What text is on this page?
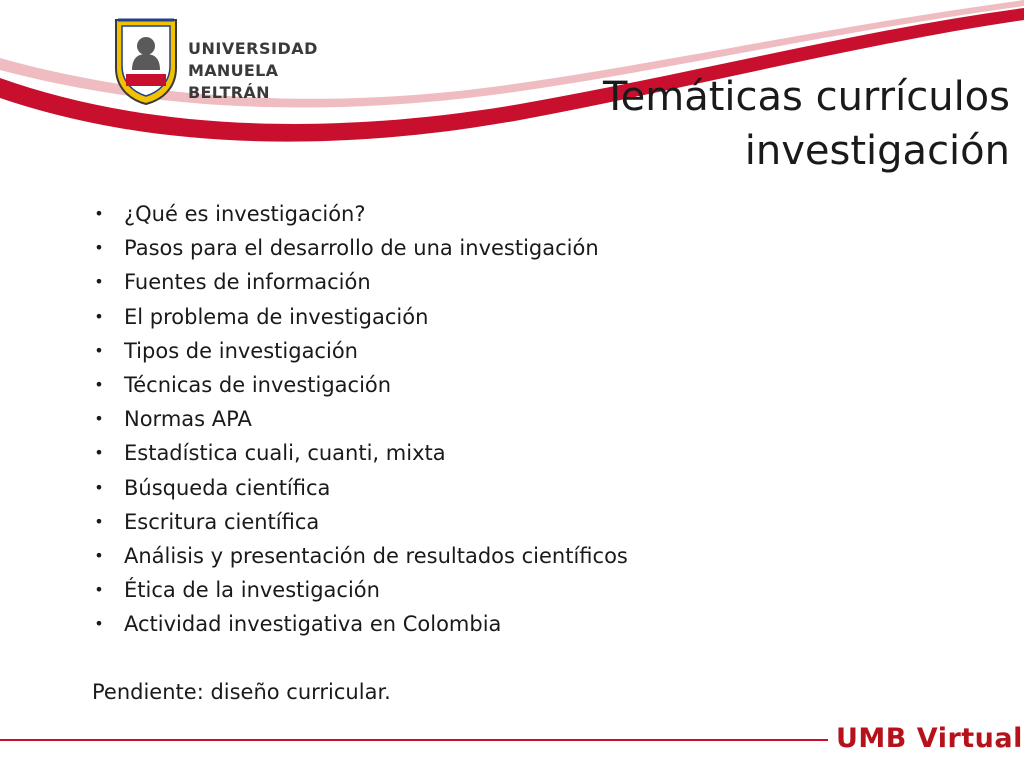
UNIVERSIDAD
MANUELA BELTRÁN	Temáticas currículos
investigación
• ¿Qué es investigación?
• Pasos para el desarrollo de una investigación
• Fuentes de información
• El problema de investigación
• Tipos de investigación
• Técnicas de investigación
• Normas APA
• Estadística cuali, cuanti, mixta
• Búsqueda científica
• Escritura científica
• Análisis y presentación de resultados científicos
• Ética de la investigación
• Actividad investigativa en Colombia

Pendiente: diseño curricular.

UMB Virtual
